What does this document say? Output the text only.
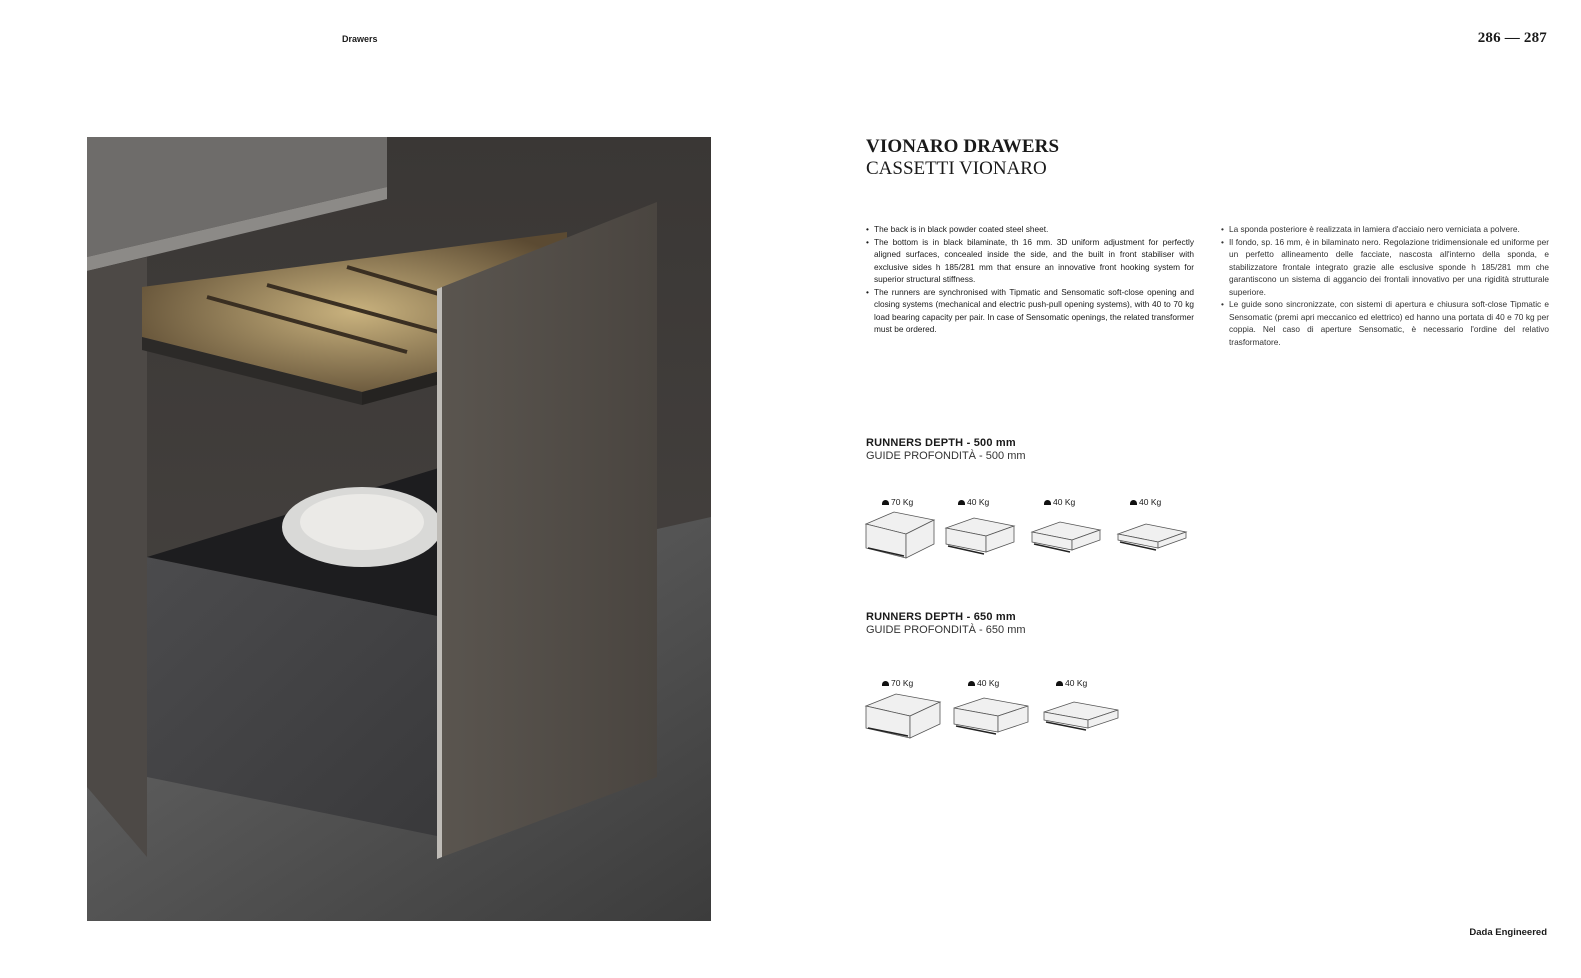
Drawers	286 — 287
VIONARO DRAWERS
CASSETTI VIONARO
• The back is in black powder coated steel sheet.
• The bottom is in black bilaminate, th 16 mm. 3D uniform adjustment for perfectly aligned surfaces, concealed inside the side, and the built in front stabiliser with exclusive sides h 185/281 mm that ensure an innovative front hooking system for superior structural stiffness.
• The runners are synchronised with Tipmatic and Sensomatic soft-close opening and closing systems (mechanical and electric push-pull opening systems), with 40 to 70 kg load bearing capacity per pair. In case of Sensomatic openings, the related transformer must be ordered.
• La sponda posteriore è realizzata in lamiera d'acciaio nero verniciata a polvere.
• Il fondo, sp. 16 mm, è in bilaminato nero. Regolazione tridimensionale ed uniforme per un perfetto allineamento delle facciate, nascosta all'interno della sponda, e stabilizzatore frontale integrato grazie alle esclusive sponde h 185/281 mm che garantiscono un sistema di aggancio dei frontali innovativo per una rigidità strutturale superiore.
• Le guide sono sincronizzate, con sistemi di apertura e chiusura soft-close Tipmatic e Sensomatic (premi apri meccanico ed elettrico) ed hanno una portata di 40 e 70 kg per coppia. Nel caso di aperture Sensomatic, è necessario l'ordine del relativo trasformatore.
RUNNERS DEPTH - 500 mm
GUIDE PROFONDITÀ - 500 mm
70 Kg	40 Kg	40 Kg	40 Kg
RUNNERS DEPTH - 650 mm
GUIDE PROFONDITÀ - 650 mm
70 Kg	40 Kg	40 Kg
Dada Engineered
